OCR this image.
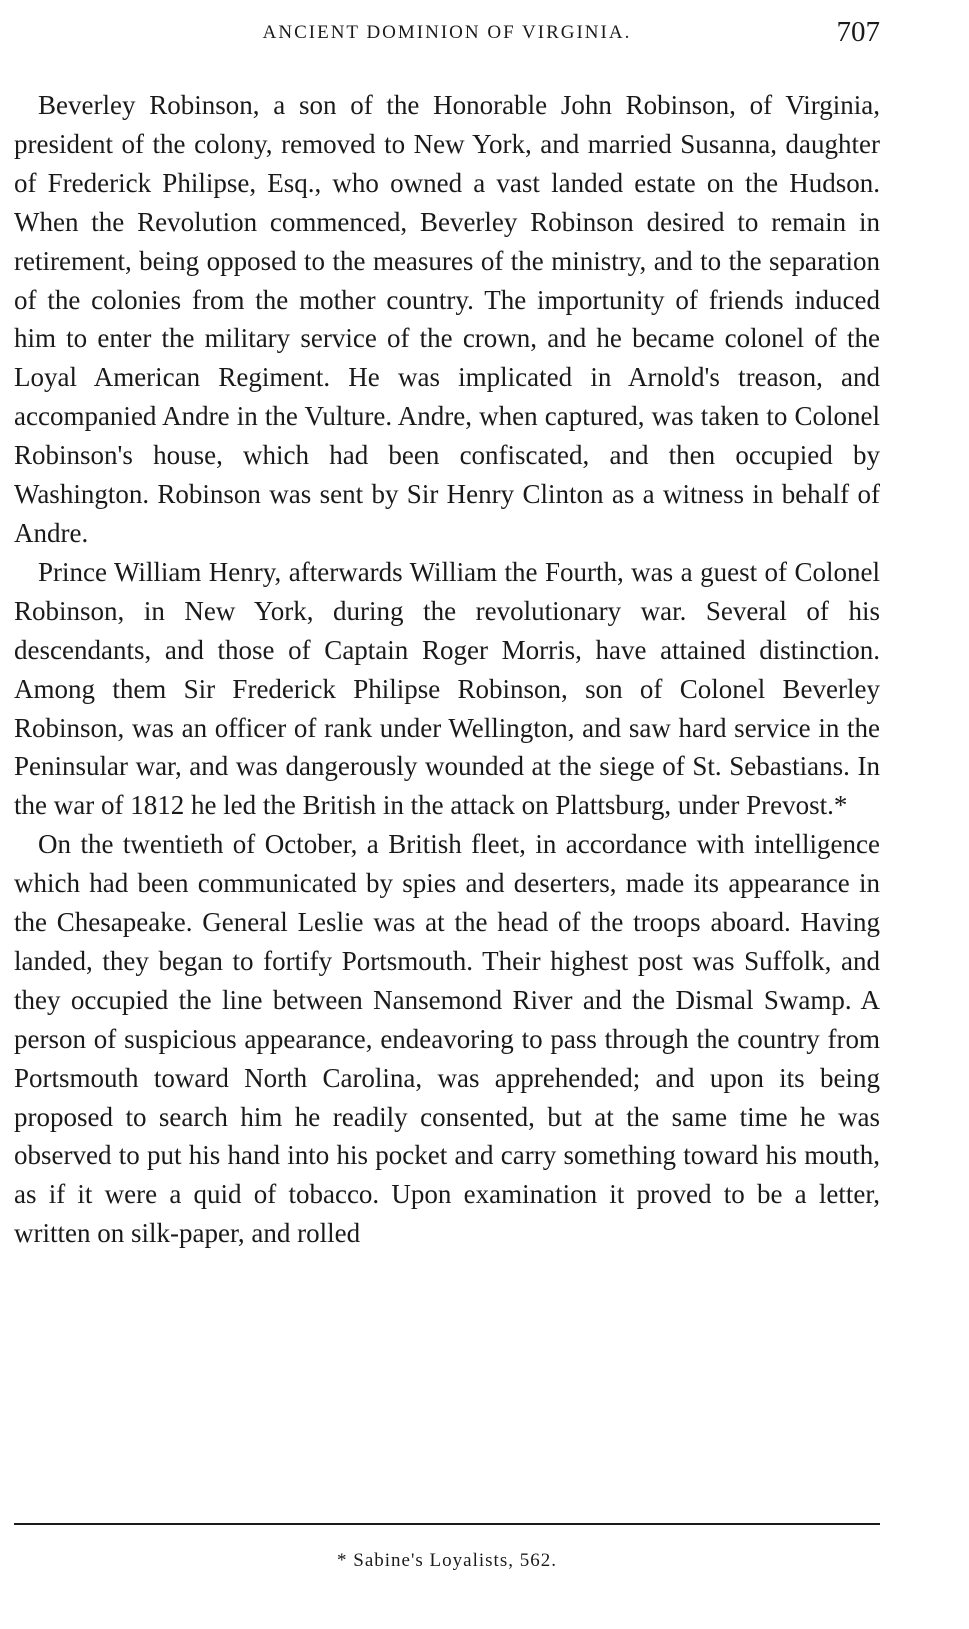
ANCIENT DOMINION OF VIRGINIA.	707

Beverley Robinson, a son of the Honorable John Robinson, of Virginia, president of the colony, removed to New York, and married Susanna, daughter of Frederick Philipse, Esq., who owned a vast landed estate on the Hudson. When the Revolution commenced, Beverley Robinson desired to remain in retirement, being opposed to the measures of the ministry, and to the separation of the colonies from the mother country. The importunity of friends induced him to enter the military service of the crown, and he became colonel of the Loyal American Regiment. He was implicated in Arnold's treason, and accompanied Andre in the Vulture. Andre, when captured, was taken to Colonel Robinson's house, which had been confiscated, and then occupied by Washington. Robinson was sent by Sir Henry Clinton as a witness in behalf of Andre.

Prince William Henry, afterwards William the Fourth, was a guest of Colonel Robinson, in New York, during the revolutionary war. Several of his descendants, and those of Captain Roger Morris, have attained distinction. Among them Sir Frederick Philipse Robinson, son of Colonel Beverley Robinson, was an officer of rank under Wellington, and saw hard service in the Peninsular war, and was dangerously wounded at the siege of St. Sebastians. In the war of 1812 he led the British in the attack on Plattsburg, under Prevost.*

On the twentieth of October, a British fleet, in accordance with intelligence which had been communicated by spies and deserters, made its appearance in the Chesapeake. General Leslie was at the head of the troops aboard. Having landed, they began to fortify Portsmouth. Their highest post was Suffolk, and they occupied the line between Nansemond River and the Dismal Swamp. A person of suspicious appearance, endeavoring to pass through the country from Portsmouth toward North Carolina, was apprehended; and upon its being proposed to search him he readily consented, but at the same time he was observed to put his hand into his pocket and carry something toward his mouth, as if it were a quid of tobacco. Upon examination it proved to be a letter, written on silk-paper, and rolled

* Sabine's Loyalists, 562.
